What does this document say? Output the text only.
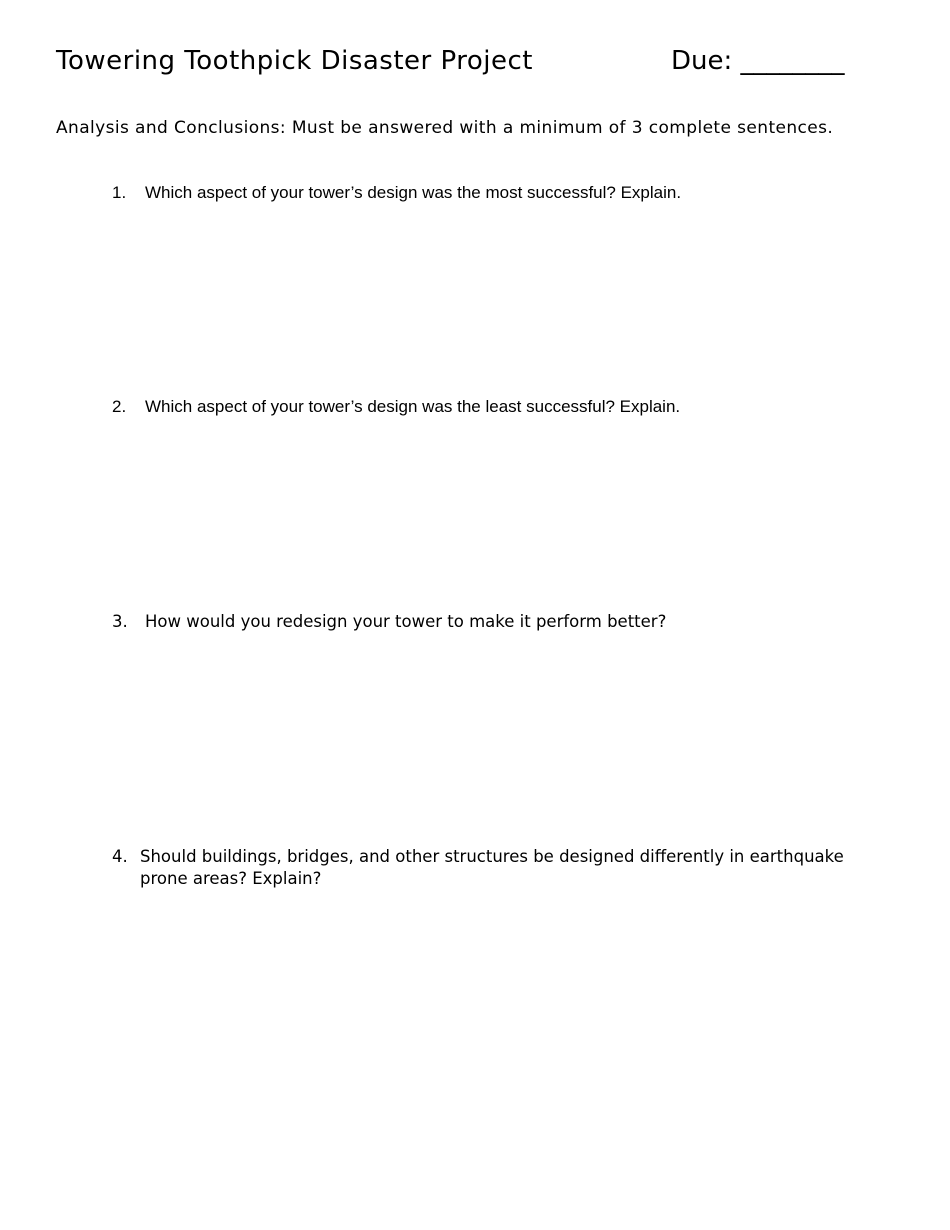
Towering Toothpick Disaster Project	Due: ________
Analysis and Conclusions: Must be answered with a minimum of 3 complete sentences.
1.	Which aspect of your tower’s design was the most successful? Explain.
2.	Which aspect of your tower’s design was the least successful? Explain.
3.	How would you redesign your tower to make it perform better?
4. Should buildings, bridges, and other structures be designed differently in earthquake prone areas? Explain?
